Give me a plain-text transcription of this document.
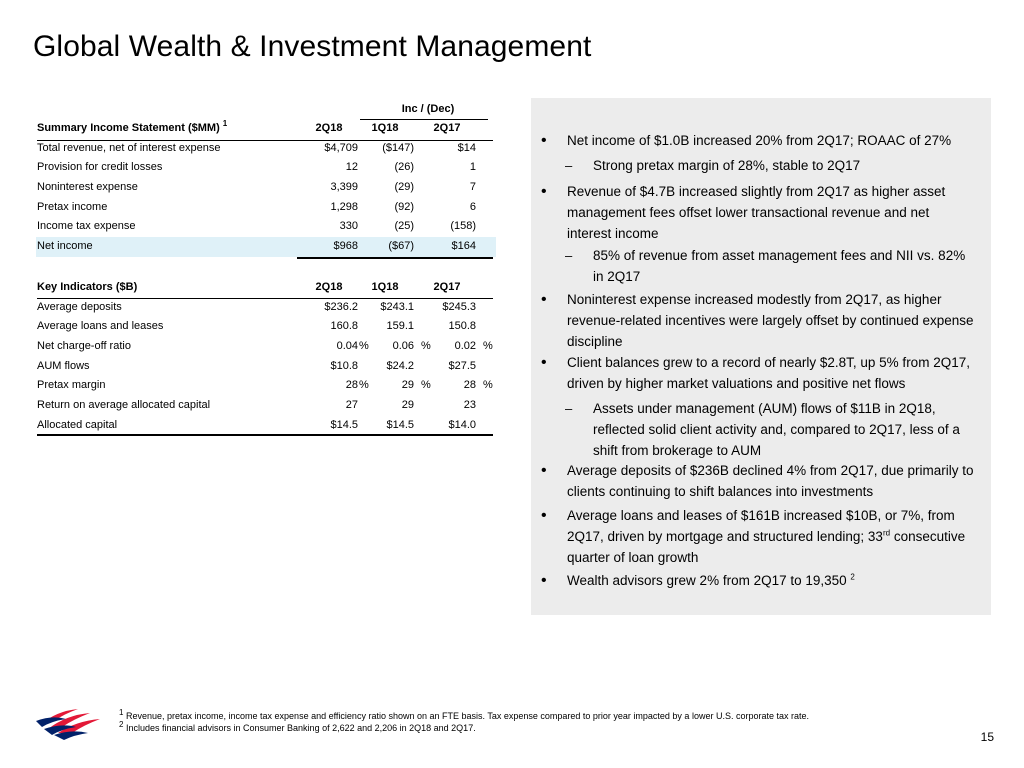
Global Wealth & Investment Management
Inc / (Dec)
Summary Income Statement ($MM) $^1$	2Q18	1Q18	2Q17
Total revenue, net of interest expense	$4,709	($147)	$14
Provision for credit losses	12	(26)	1
Noninterest expense	3,399	(29)	7
Pretax income	1,298	(92)	6
Income tax expense	330	(25)	(158)
Net income	$968	($67)	$164
Key Indicators ($B)	2Q18	1Q18	2Q17
Average deposits	$236.2	$243.1	$245.3
Average loans and leases	160.8	159.1	150.8
Net charge-off ratio	0.04 %	0.06 %	0.02 %
AUM flows	$10.8	$24.2	$27.5
Pretax margin	28 %	29 %	28 %
Return on average allocated capital	27	29	23
Allocated capital	$14.5	$14.5	$14.0
• Net income of $1.0B increased 20% from 2Q17; ROAAC of 27%
– Strong pretax margin of 28%, stable to 2Q17
• Revenue of $4.7B increased slightly from 2Q17 as higher asset management fees offset lower transactional revenue and net interest income
– 85% of revenue from asset management fees and NII vs. 82% in 2Q17
• Noninterest expense increased modestly from 2Q17, as higher revenue-related incentives were largely offset by continued expense discipline
• Client balances grew to a record of nearly $2.8T, up 5% from 2Q17, driven by higher market valuations and positive net flows
– Assets under management (AUM) flows of $11B in 2Q18, reflected solid client activity and, compared to 2Q17, less of a shift from brokerage to AUM
• Average deposits of $236B declined 4% from 2Q17, due primarily to clients continuing to shift balances into investments
• Average loans and leases of $161B increased $10B, or 7%, from 2Q17, driven by mortgage and structured lending; 33rd consecutive quarter of loan growth
• Wealth advisors grew 2% from 2Q17 to 19,350 $^2$
$^1$ Revenue, pretax income, income tax expense and efficiency ratio shown on an FTE basis. Tax expense compared to prior year impacted by a lower U.S. corporate tax rate.
$^2$ Includes financial advisors in Consumer Banking of 2,622 and 2,206 in 2Q18 and 2Q17.
15
